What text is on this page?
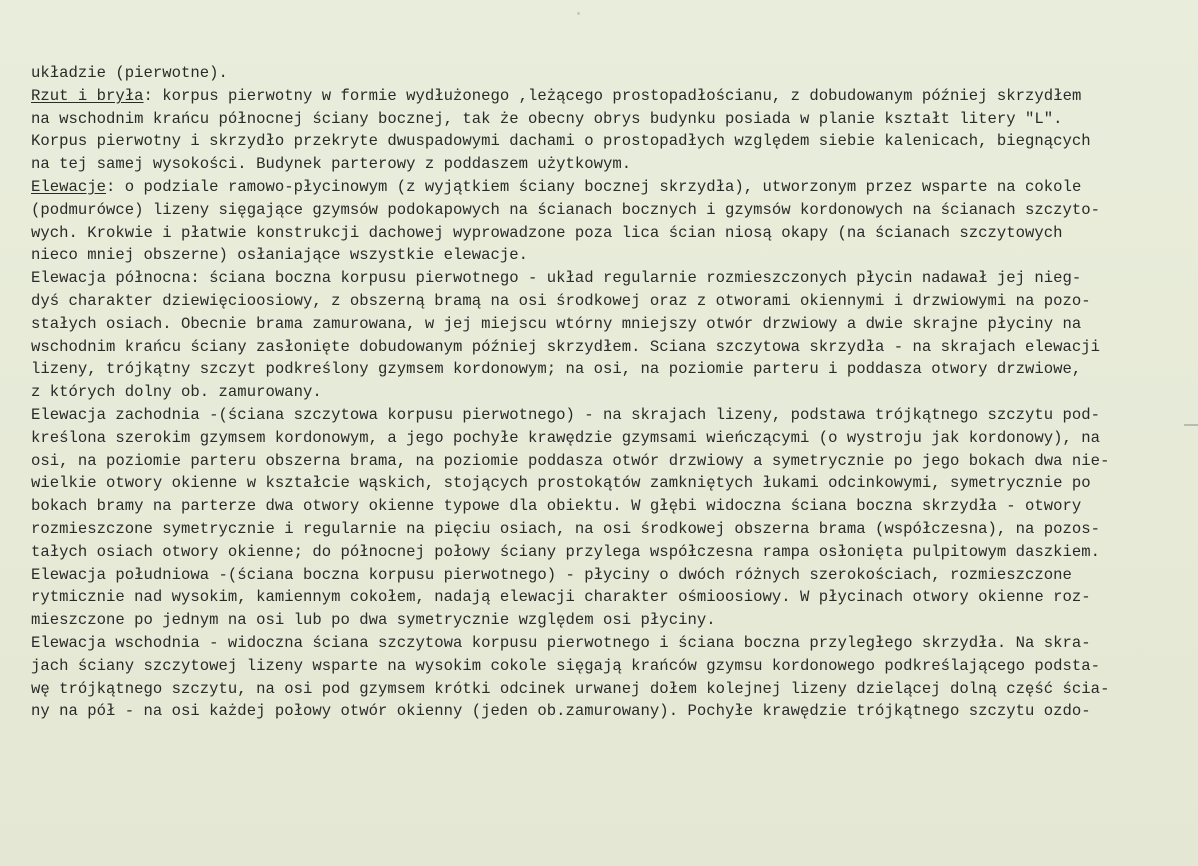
układzie (pierwotne).
Rzut i bryła: korpus pierwotny w formie wydłużonego ,leżącego prostopadłościanu, z dobudowanym później skrzydłem
na wschodnim krańcu północnej ściany bocznej, tak że obecny obrys budynku posiada w planie kształt litery "L".
Korpus pierwotny i skrzydło przekryte dwuspadowymi dachami o prostopadłych względem siebie kalenicach, biegnących
na tej samej wysokości. Budynek parterowy z poddaszem użytkowym.
Elewacje: o podziale ramowo-płycinowym (z wyjątkiem ściany bocznej skrzydła), utworzonym przez wsparte na cokole
(podmurówce) lizeny sięgające gzymsów podokapowych na ścianach bocznych i gzymsów kordonowych na ścianach szczyto-
wych. Krokwie i płatwie konstrukcji dachowej wyprowadzone poza lica ścian niosą okapy (na ścianach szczytowych
nieco mniej obszerne) osłaniające wszystkie elewacje.
Elewacja północna: ściana boczna korpusu pierwotnego - układ regularnie rozmieszczonych płycin nadawał jej nieg-
dyś charakter dziewięcioosiowy, z obszerną bramą na osi środkowej oraz z otworami okiennymi i drzwiowymi na pozo-
stałych osiach. Obecnie brama zamurowana, w jej miejscu wtórny mniejszy otwór drzwiowy a dwie skrajne płyciny na
wschodnim krańcu ściany zasłonięte dobudowanym później skrzydłem. Sciana szczytowa skrzydła - na skrajach elewacji
lizeny, trójkątny szczyt podkreślony gzymsem kordonowym; na osi, na poziomie parteru i poddasza otwory drzwiowe,
z których dolny ob. zamurowany.
Elewacja zachodnia -(ściana szczytowa korpusu pierwotnego) - na skrajach lizeny, podstawa trójkątnego szczytu pod-
kreślona szerokim gzymsem kordonowym, a jego pochyłe krawędzie gzymsami wieńczącymi (o wystroju jak kordonowy), na
osi, na poziomie parteru obszerna brama, na poziomie poddasza otwór drzwiowy a symetrycznie po jego bokach dwa nie-
wielkie otwory okienne w kształcie wąskich, stojących prostokątów zamkniętych łukami odcinkowymi, symetrycznie po
bokach bramy na parterze dwa otwory okienne typowe dla obiektu. W głębi widoczna ściana boczna skrzydła - otwory
rozmieszczone symetrycznie i regularnie na pięciu osiach, na osi środkowej obszerna brama (współczesna), na pozos-
tałych osiach otwory okienne; do północnej połowy ściany przylega współczesna rampa osłonięta pulpitowym daszkiem.
Elewacja południowa -(ściana boczna korpusu pierwotnego) - płyciny o dwóch różnych szerokościach, rozmieszczone
rytmicznie nad wysokim, kamiennym cokołem, nadają elewacji charakter ośmioosiowy. W płycinach otwory okienne roz-
mieszczone po jednym na osi lub po dwa symetrycznie względem osi płyciny.
Elewacja wschodnia - widoczna ściana szczytowa korpusu pierwotnego i ściana boczna przyległego skrzydła. Na skra-
jach ściany szczytowej lizeny wsparte na wysokim cokole sięgają krańców gzymsu kordonowego podkreślającego podsta-
wę trójkątnego szczytu, na osi pod gzymsem krótki odcinek urwanej dołem kolejnej lizeny dzielącej dolną część ścia-
ny na pół - na osi każdej połowy otwór okienny (jeden ob.zamurowany). Pochyłe krawędzie trójkątnego szczytu ozdo-
